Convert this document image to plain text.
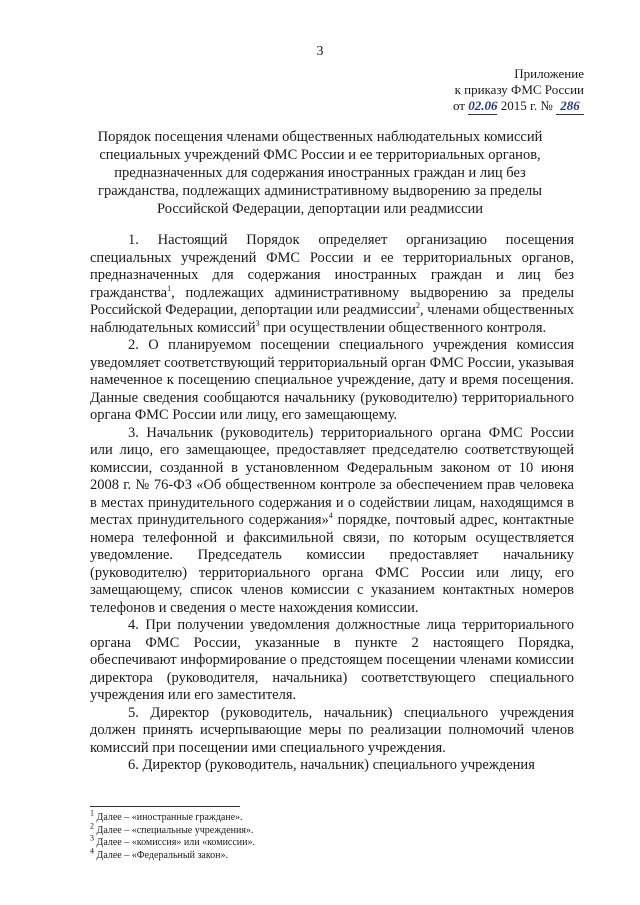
3
Приложение
к приказу ФМС России
от 02.06 2015 г. № 286
Порядок посещения членами общественных наблюдательных комиссий специальных учреждений ФМС России и ее территориальных органов, предназначенных для содержания иностранных граждан и лиц без гражданства, подлежащих административному выдворению за пределы Российской Федерации, депортации или реадмиссии

1. Настоящий Порядок определяет организацию посещения специальных учреждений ФМС России и ее территориальных органов, предназначенных для содержания иностранных граждан и лиц без гражданства$^1$, подлежащих административному выдворению за пределы Российской Федерации, депортации или реадмиссии$^2$, членами общественных наблюдательных комиссий$^3$ при осуществлении общественного контроля.

2. О планируемом посещении специального учреждения комиссия уведомляет соответствующий территориальный орган ФМС России, указывая намеченное к посещению специальное учреждение, дату и время посещения. Данные сведения сообщаются начальнику (руководителю) территориального органа ФМС России или лицу, его замещающему.

3. Начальник (руководитель) территориального органа ФМС России или лицо, его замещающее, предоставляет председателю соответствующей комиссии, созданной в установленном Федеральным законом от 10 июня 2008 г. № 76-ФЗ «Об общественном контроле за обеспечением прав человека в местах принудительного содержания и о содействии лицам, находящимся в местах принудительного содержания»$^4$ порядке, почтовый адрес, контактные номера телефонной и факсимильной связи, по которым осуществляется уведомление. Председатель комиссии предоставляет начальнику (руководителю) территориального органа ФМС России или лицу, его замещающему, список членов комиссии с указанием контактных номеров телефонов и сведения о месте нахождения комиссии.

4. При получении уведомления должностные лица территориального органа ФМС России, указанные в пункте 2 настоящего Порядка, обеспечивают информирование о предстоящем посещении членами комиссии директора (руководителя, начальника) соответствующего специального учреждения или его заместителя.

5. Директор (руководитель, начальник) специального учреждения должен принять исчерпывающие меры по реализации полномочий членов комиссий при посещении ими специального учреждения.

6. Директор (руководитель, начальник) специального учреждения

$^1$ Далее – «иностранные граждане».
$^2$ Далее – «специальные учреждения».
$^3$ Далее – «комиссия» или «комиссии».
$^4$ Далее – «Федеральный закон».
